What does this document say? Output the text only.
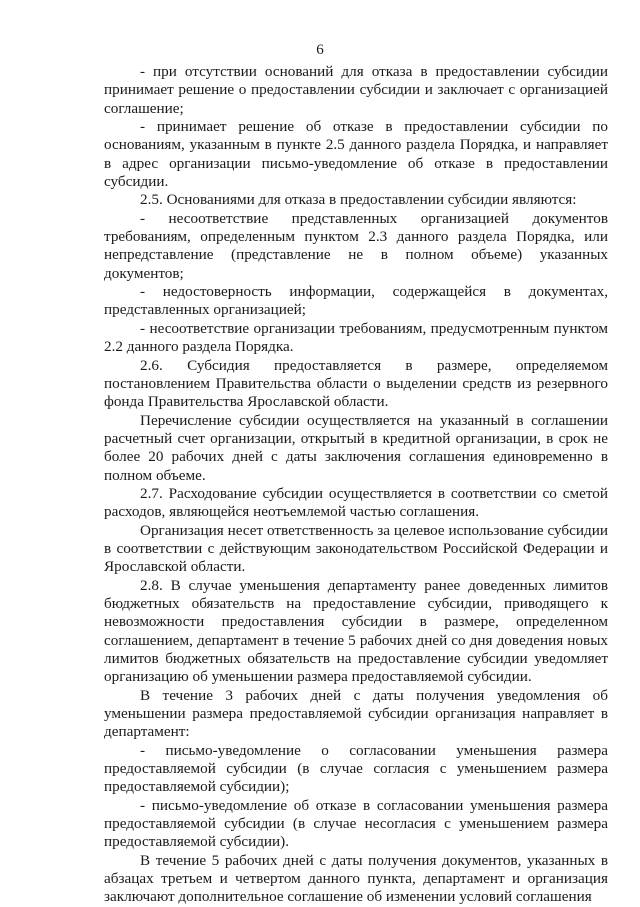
6

- при отсутствии оснований для отказа в предоставлении субсидии принимает решение о предоставлении субсидии и заключает с организацией соглашение;

- принимает решение об отказе в предоставлении субсидии по основаниям, указанным в пункте 2.5 данного раздела Порядка, и направляет в адрес организации письмо-уведомление об отказе в предоставлении субсидии.

2.5. Основаниями для отказа в предоставлении субсидии являются:

- несоответствие представленных организацией документов требованиям, определенным пунктом 2.3 данного раздела Порядка, или непредставление (представление не в полном объеме) указанных документов;

- недостоверность информации, содержащейся в документах, представленных организацией;

- несоответствие организации требованиям, предусмотренным пунктом 2.2 данного раздела Порядка.

2.6. Субсидия предоставляется в размере, определяемом постановлением Правительства области о выделении средств из резервного фонда Правительства Ярославской области.

Перечисление субсидии осуществляется на указанный в соглашении расчетный счет организации, открытый в кредитной организации, в срок не более 20 рабочих дней с даты заключения соглашения единовременно в полном объеме.

2.7. Расходование субсидии осуществляется в соответствии со сметой расходов, являющейся неотъемлемой частью соглашения.

Организация несет ответственность за целевое использование субсидии в соответствии с действующим законодательством Российской Федерации и Ярославской области.

2.8. В случае уменьшения департаменту ранее доведенных лимитов бюджетных обязательств на предоставление субсидии, приводящего к невозможности предоставления субсидии в размере, определенном соглашением, департамент в течение 5 рабочих дней со дня доведения новых лимитов бюджетных обязательств на предоставление субсидии уведомляет организацию об уменьшении размера предоставляемой субсидии.

В течение 3 рабочих дней с даты получения уведомления об уменьшении размера предоставляемой субсидии организация направляет в департамент:

- письмо-уведомление о согласовании уменьшения размера предоставляемой субсидии (в случае согласия с уменьшением размера предоставляемой субсидии);

- письмо-уведомление об отказе в согласовании уменьшения размера предоставляемой субсидии (в случае несогласия с уменьшением размера предоставляемой субсидии).

В течение 5 рабочих дней с даты получения документов, указанных в абзацах третьем и четвертом данного пункта, департамент и организация заключают дополнительное соглашение об изменении условий соглашения
